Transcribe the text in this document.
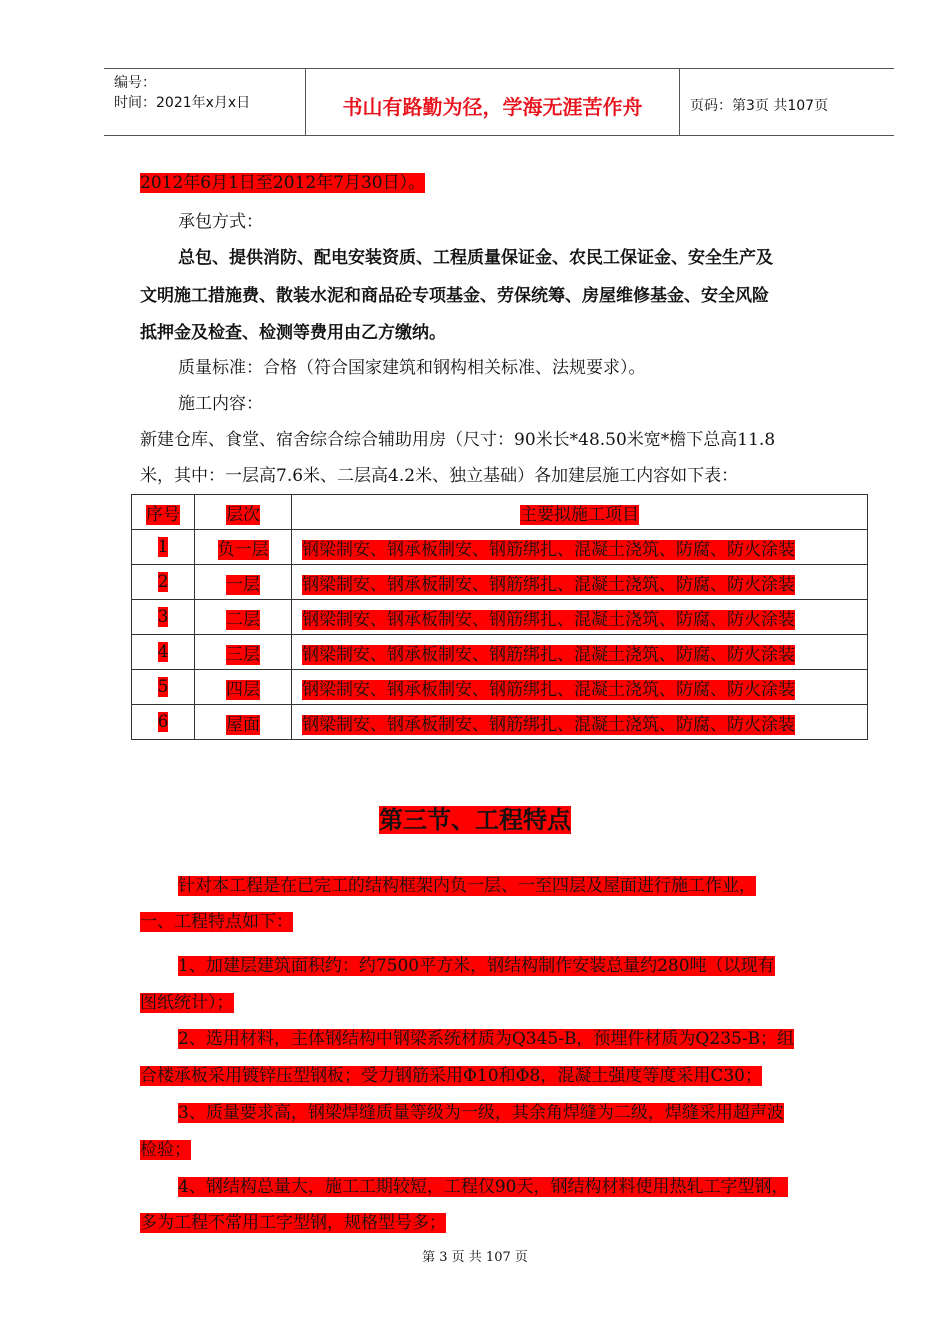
编号：
时间：2021年x月x日	书山有路勤为径，学海无涯苦作舟	页码：第3页 共107页
2012年6月1日至2012年7月30日）。
承包方式：
总包、提供消防、配电安装资质、工程质量保证金、农民工保证金、安全生产及
文明施工措施费、散装水泥和商品砼专项基金、劳保统筹、房屋维修基金、安全风险
抵押金及检查、检测等费用由乙方缴纳。
质量标准：合格（符合国家建筑和钢构相关标准、法规要求）。
施工内容：
新建仓库、食堂、宿舍综合综合辅助用房（尺寸：90米长*48.50米宽*檐下总高11.8
米，其中：一层高7.6米、二层高4.2米、独立基础）各加建层施工内容如下表：
序号	层次	主要拟施工项目
1	负一层	钢梁制安、钢承板制安、钢筋绑扎、混凝土浇筑、防腐、防火涂装
2	一层	钢梁制安、钢承板制安、钢筋绑扎、混凝土浇筑、防腐、防火涂装
3	二层	钢梁制安、钢承板制安、钢筋绑扎、混凝土浇筑、防腐、防火涂装
4	三层	钢梁制安、钢承板制安、钢筋绑扎、混凝土浇筑、防腐、防火涂装
5	四层	钢梁制安、钢承板制安、钢筋绑扎、混凝土浇筑、防腐、防火涂装
6	屋面	钢梁制安、钢承板制安、钢筋绑扎、混凝土浇筑、防腐、防火涂装
第三节、工程特点
针对本工程是在已完工的结构框架内负一层、一至四层及屋面进行施工作业，
一、工程特点如下：
1、加建层建筑面积约：约7500平方米，钢结构制作安装总量约280吨（以现有
图纸统计）；
2、选用材料，主体钢结构中钢梁系统材质为Q345-B，预埋件材质为Q235-B；组
合楼承板采用镀锌压型钢板；受力钢筋采用Φ10和Φ8，混凝土强度等度采用C30；
3、质量要求高，钢梁焊缝质量等级为一级，其余角焊缝为二级，焊缝采用超声波
检验；
4、钢结构总量大，施工工期较短，工程仅90天，钢结构材料使用热轧工字型钢，
多为工程不常用工字型钢，规格型号多；
第 3 页 共 107 页
